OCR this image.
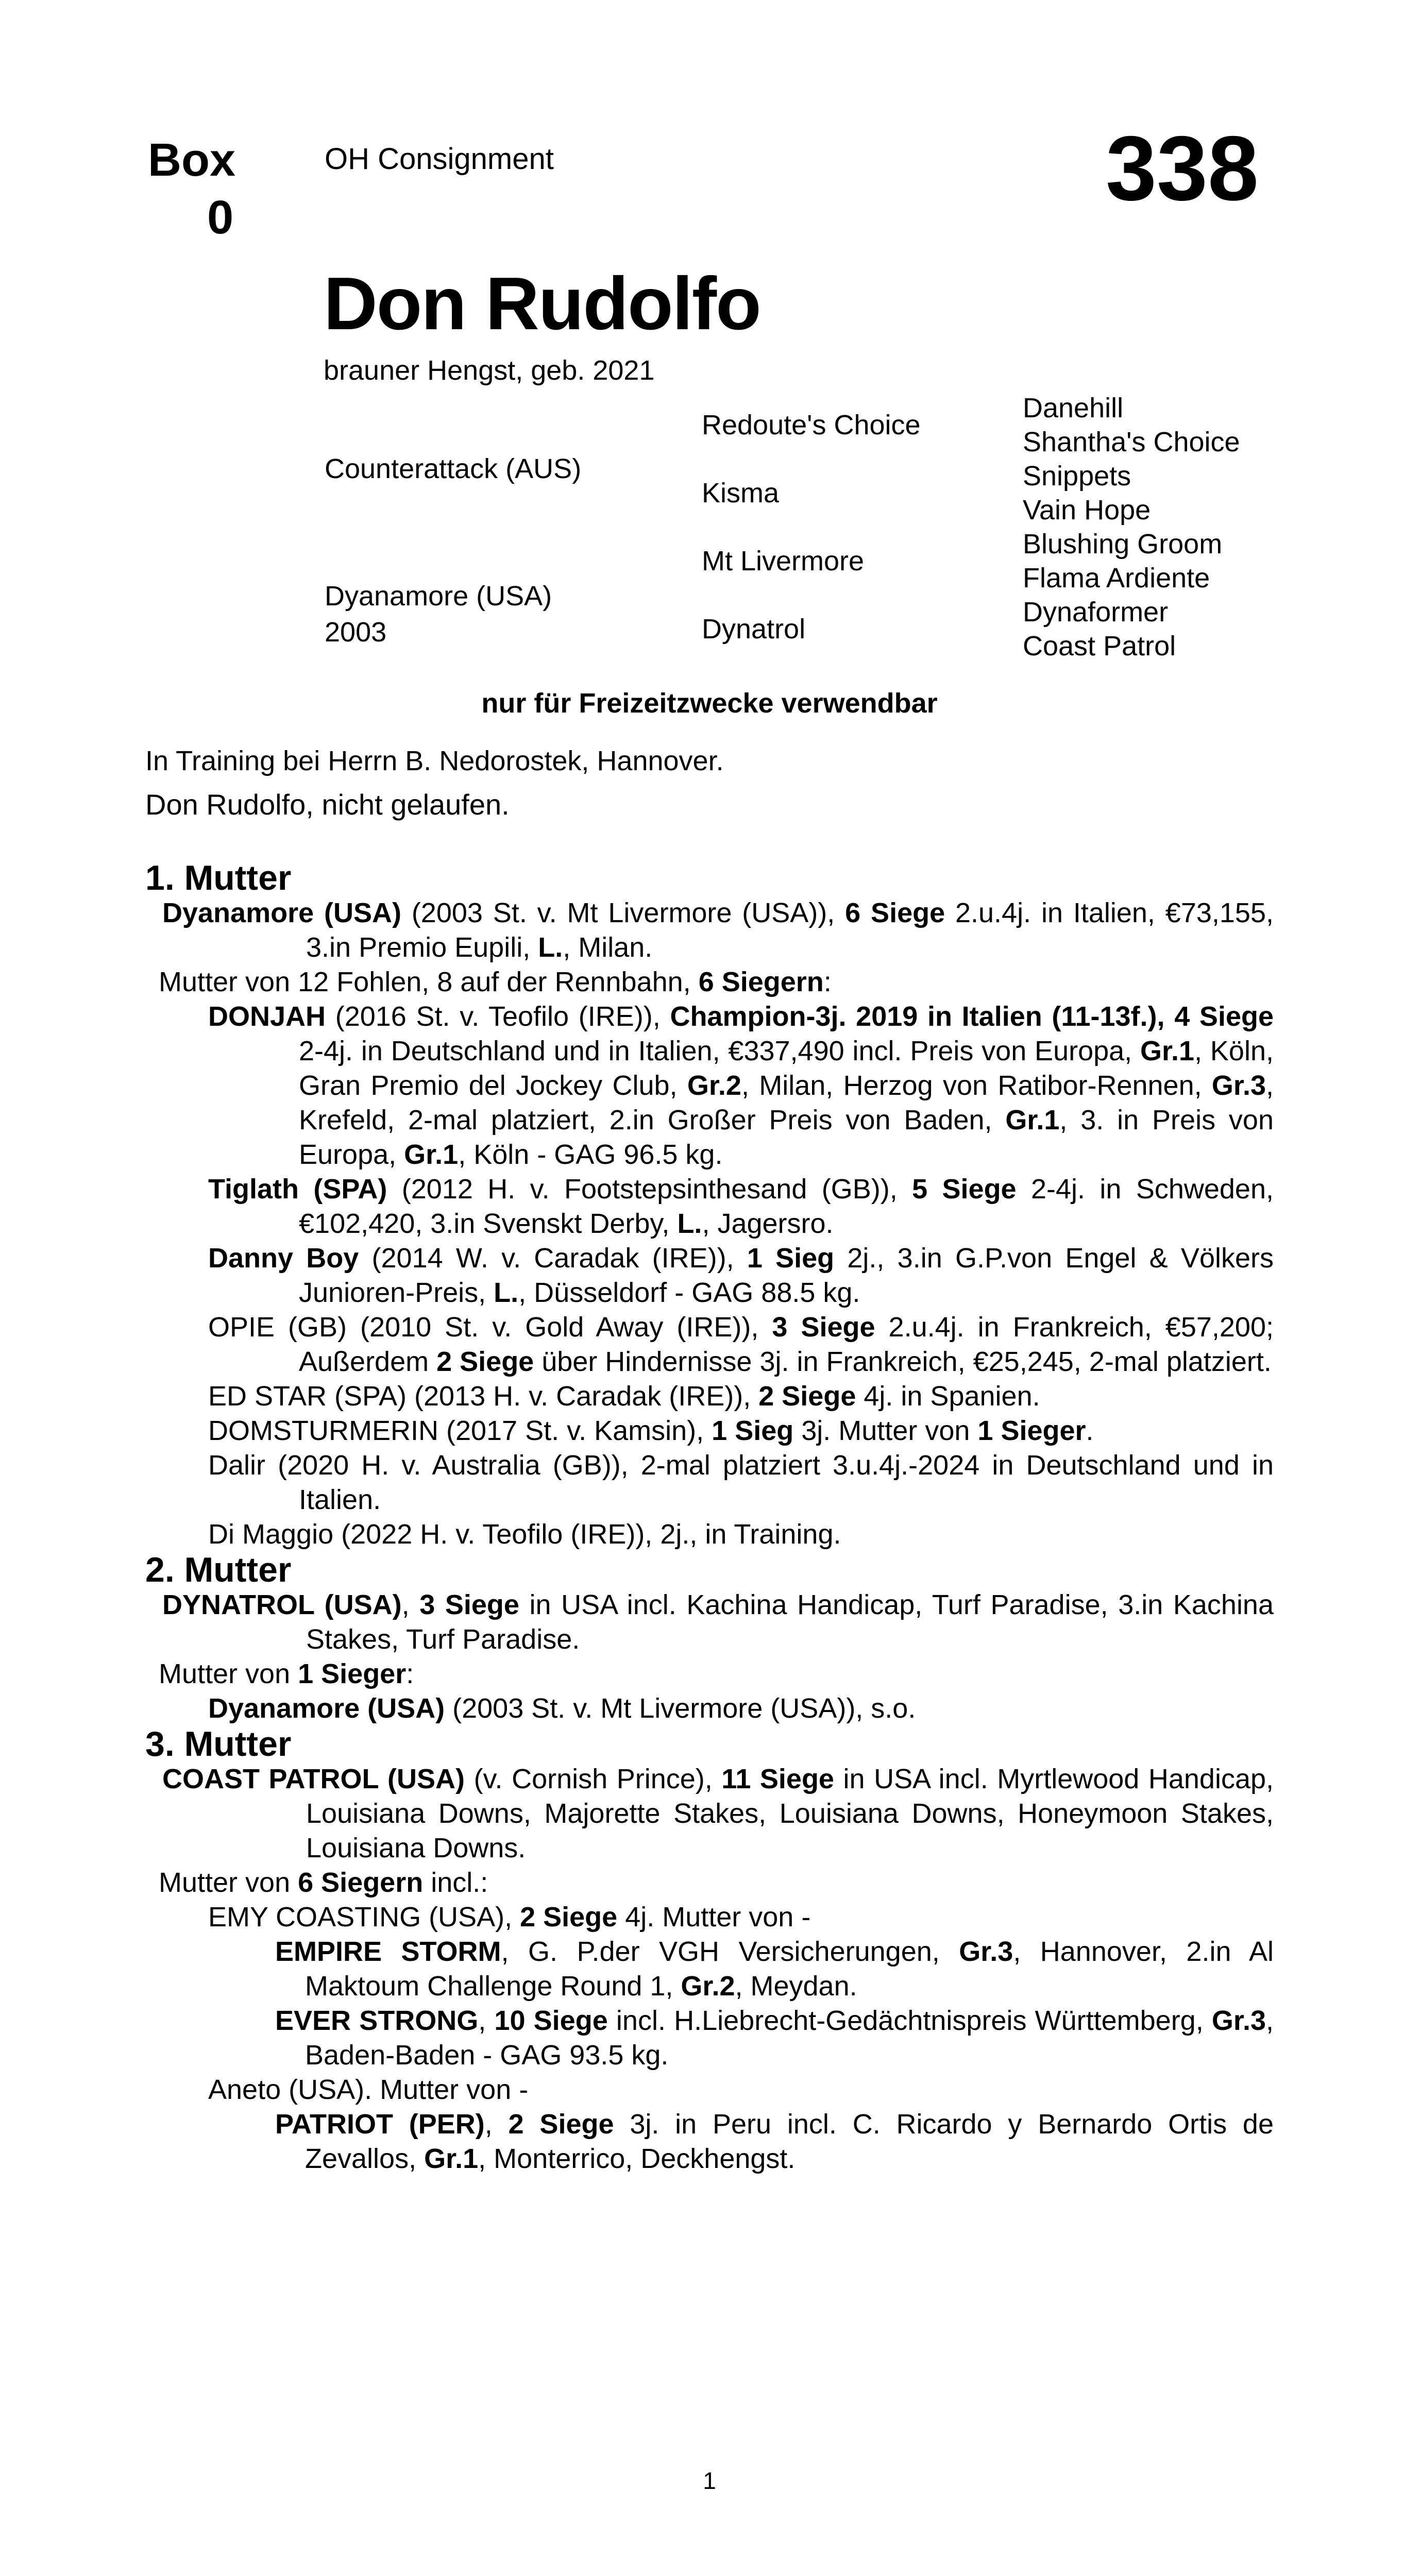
Box
0
OH Consignment	338
Don Rudolfo
brauner Hengst, geb. 2021
Counterattack (AUS)
Redoute's Choice
Danehill
Shantha's Choice
Kisma
Snippets
Vain Hope
Dyanamore (USA)
2003
Mt Livermore
Blushing Groom
Flama Ardiente
Dynatrol
Dynaformer
Coast Patrol
nur für Freizeitzwecke verwendbar
In Training bei Herrn B. Nedorostek, Hannover.
Don Rudolfo, nicht gelaufen.
1. Mutter

Dyanamore (USA) (2003 St. v. Mt Livermore (USA)), 6 Siege 2.u.4j. in Italien, €73,155, 3.in Premio Eupili, L., Milan.

Mutter von 12 Fohlen, 8 auf der Rennbahn, 6 Siegern:

DONJAH (2016 St. v. Teofilo (IRE)), Champion-3j. 2019 in Italien (11-13f.), 4 Siege 2-4j. in Deutschland und in Italien, €337,490 incl. Preis von Europa, Gr.1, Köln, Gran Premio del Jockey Club, Gr.2, Milan, Herzog von Ratibor-Rennen, Gr.3, Krefeld, 2-mal platziert, 2.in Großer Preis von Baden, Gr.1, 3. in Preis von Europa, Gr.1, Köln - GAG 96.5 kg.

Tiglath (SPA) (2012 H. v. Footstepsinthesand (GB)), 5 Siege 2-4j. in Schweden, €102,420, 3.in Svenskt Derby, L., Jagersro.

Danny Boy (2014 W. v. Caradak (IRE)), 1 Sieg 2j., 3.in G.P.von Engel & Völkers Junioren-Preis, L., Düsseldorf - GAG 88.5 kg.

OPIE (GB) (2010 St. v. Gold Away (IRE)), 3 Siege 2.u.4j. in Frankreich, €57,200; Außerdem 2 Siege über Hindernisse 3j. in Frankreich, €25,245, 2-mal platziert.

ED STAR (SPA) (2013 H. v. Caradak (IRE)), 2 Siege 4j. in Spanien.

DOMSTURMERIN (2017 St. v. Kamsin), 1 Sieg 3j. Mutter von 1 Sieger.

Dalir (2020 H. v. Australia (GB)), 2-mal platziert 3.u.4j.-2024 in Deutschland und in Italien.

Di Maggio (2022 H. v. Teofilo (IRE)), 2j., in Training.

2. Mutter

DYNATROL (USA), 3 Siege in USA incl. Kachina Handicap, Turf Paradise, 3.in Kachina Stakes, Turf Paradise.

Mutter von 1 Sieger:

Dyanamore (USA) (2003 St. v. Mt Livermore (USA)), s.o.

3. Mutter

COAST PATROL (USA) (v. Cornish Prince), 11 Siege in USA incl. Myrtlewood Handicap, Louisiana Downs, Majorette Stakes, Louisiana Downs, Honeymoon Stakes, Louisiana Downs.

Mutter von 6 Siegern incl.:

EMY COASTING (USA), 2 Siege 4j. Mutter von -

EMPIRE STORM, G. P.der VGH Versicherungen, Gr.3, Hannover, 2.in Al Maktoum Challenge Round 1, Gr.2, Meydan.

EVER STRONG, 10 Siege incl. H.Liebrecht-Gedächtnispreis Württemberg, Gr.3, Baden-Baden - GAG 93.5 kg.

Aneto (USA). Mutter von -

PATRIOT (PER), 2 Siege 3j. in Peru incl. C. Ricardo y Bernardo Ortis de Zevallos, Gr.1, Monterrico, Deckhengst.

1
